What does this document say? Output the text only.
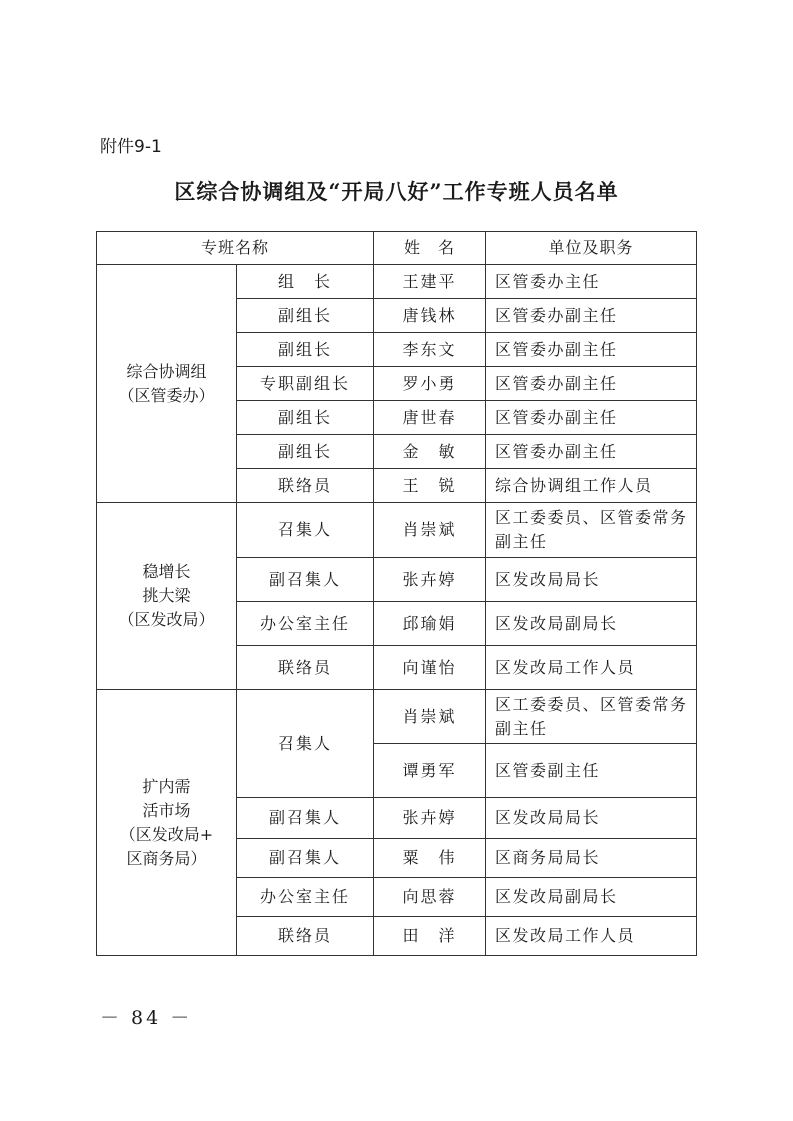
附件9-1
区综合协调组及“开局八好”工作专班人员名单
专班名称		姓　名	单位及职务

综合协调组
（区管委办）	组　长	王建平	区管委办主任
	副组长	唐钱林	区管委办副主任
	副组长	李东文	区管委办副主任
	专职副组长	罗小勇	区管委办副主任
	副组长	唐世春	区管委办副主任
	副组长	金　敏	区管委办副主任
	联络员	王　锐	综合协调组工作人员

稳增长
挑大梁
（区发改局）	召集人	肖崇斌	区工委委员、区管委常务副主任
	副召集人	张卉婷	区发改局局长
	办公室主任	邱瑜娟	区发改局副局长
	联络员	向谨怡	区发改局工作人员

扩内需
活市场
（区发改局+
区商务局）	召集人	肖崇斌	区工委委员、区管委常务副主任
		谭勇军	区管委副主任
	副召集人	张卉婷	区发改局局长
	副召集人	粟　伟	区商务局局长
	办公室主任	向思蓉	区发改局副局长
	联络员	田　洋	区发改局工作人员
－ 84 －
